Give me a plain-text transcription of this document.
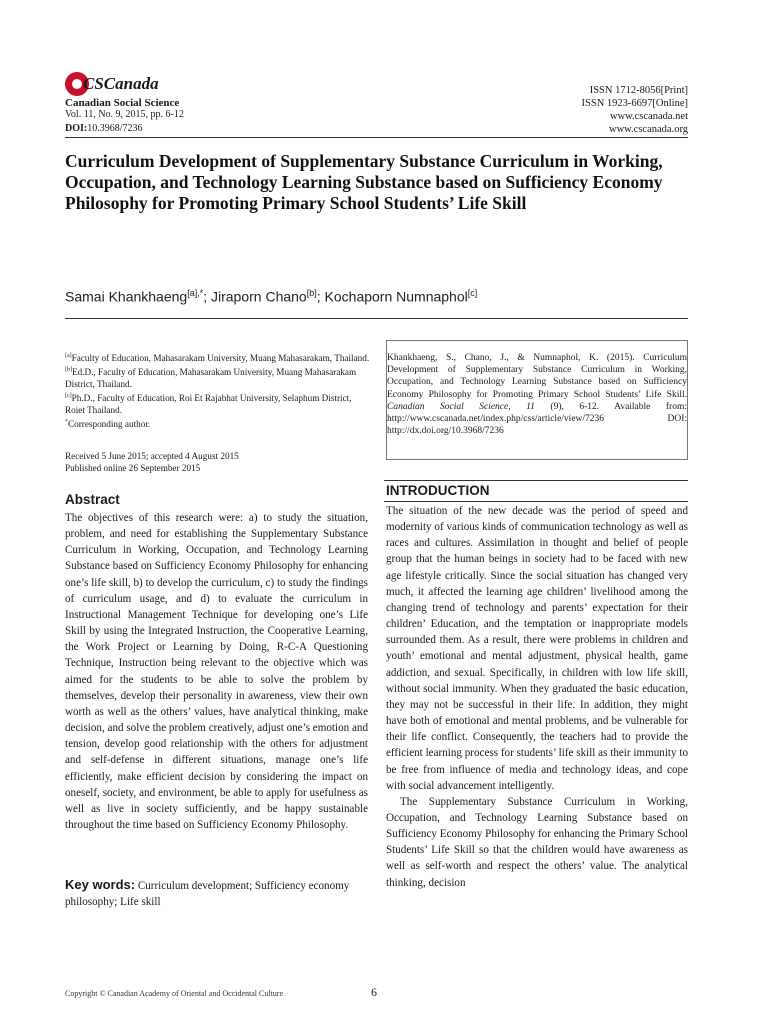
CSCanada
Canadian Social Science
Vol. 11, No. 9, 2015, pp. 6-12
DOI:10.3968/7236
ISSN 1712-8056[Print]
ISSN 1923-6697[Online]
www.cscanada.net
www.cscanada.org
Curriculum Development of Supplementary Substance Curriculum in Working, Occupation, and Technology Learning Substance based on Sufficiency Economy Philosophy for Promoting Primary School Students’ Life Skill
Samai Khankhaeng$^{[a],*}$; Jiraporn Chano[b]; Kochaporn Numnaphol[c]

[a]Faculty of Education, Mahasarakam University, Muang Mahasarakam, Thailand.

[b]Ed.D., Faculty of Education, Mahasarakam University, Muang Mahasarakam District, Thailand.

[c]Ph.D., Faculty of Education, Roi Et Rajabhat University, Selaphum District, Roiet Thailand.

*Corresponding author.

Received 5 June 2015; accepted 4 August 2015
Published online 26 September 2015
Khankhaeng, S., Chano, J., & Numnaphol, K. (2015). Curriculum Development of Supplementary Substance Curriculum in Working, Occupation, and Technology Learning Substance based on Sufficiency Economy Philosophy for Promoting Primary School Students’ Life Skill. Canadian Social Science, 11 (9), 6-12. Available from: http://www.cscanada.net/index.php/css/article/view/7236 DOI: http://dx.doi.org/10.3968/7236
Abstract
The objectives of this research were: a) to study the situation, problem, and need for establishing the Supplementary Substance Curriculum in Working, Occupation, and Technology Learning Substance based on Sufficiency Economy Philosophy for enhancing one’s life skill, b) to develop the curriculum, c) to study the findings of curriculum usage, and d) to evaluate the curriculum in Instructional Management Technique for developing one’s Life Skill by using the Integrated Instruction, the Cooperative Learning, the Work Project or Learning by Doing, R-C-A Questioning Technique, Instruction being relevant to the objective which was aimed for the students to be able to solve the problem by themselves, develop their personality in awareness, view their own worth as well as the others’ values, have analytical thinking, make decision, and solve the problem creatively, adjust one’s emotion and tension, develop good relationship with the others for adjustment and self-defense in different situations, manage one’s life efficiently, make efficient decision by considering the impact on oneself, society, and environment, be able to apply for usefulness as well as live in society sufficiently, and be happy sustainable throughout the time based on Sufficiency Economy Philosophy.
Key words: Curriculum development; Sufficiency economy philosophy; Life skill
INTRODUCTION

The situation of the new decade was the period of speed and modernity of various kinds of communication technology as well as races and cultures. Assimilation in thought and belief of people group that the human beings in society had to be faced with new age lifestyle critically. Since the social situation has changed very much, it affected the learning age children’ livelihood among the changing trend of technology and parents’ expectation for their children’ Education, and the temptation or inappropriate models surrounded them. As a result, there were problems in children and youth’ emotional and mental adjustment, physical health, game addiction, and sexual. Specifically, in children with low life skill, without social immunity. When they graduated the basic education, they may not be successful in their life. In addition, they might have both of emotional and mental problems, and be vulnerable for their life conflict. Consequently, the teachers had to provide the efficient learning process for students’ life skill as their immunity to be free from influence of media and technology ideas, and cope with social advancement intelligently.

The Supplementary Substance Curriculum in Working, Occupation, and Technology Learning Substance based on Sufficiency Economy Philosophy for enhancing the Primary School Students’ Life Skill so that the children would have awareness as well as self-worth and respect the others’ value. The analytical thinking, decision

Copyright © Canadian Academy of Oriental and Occidental Culture	6
